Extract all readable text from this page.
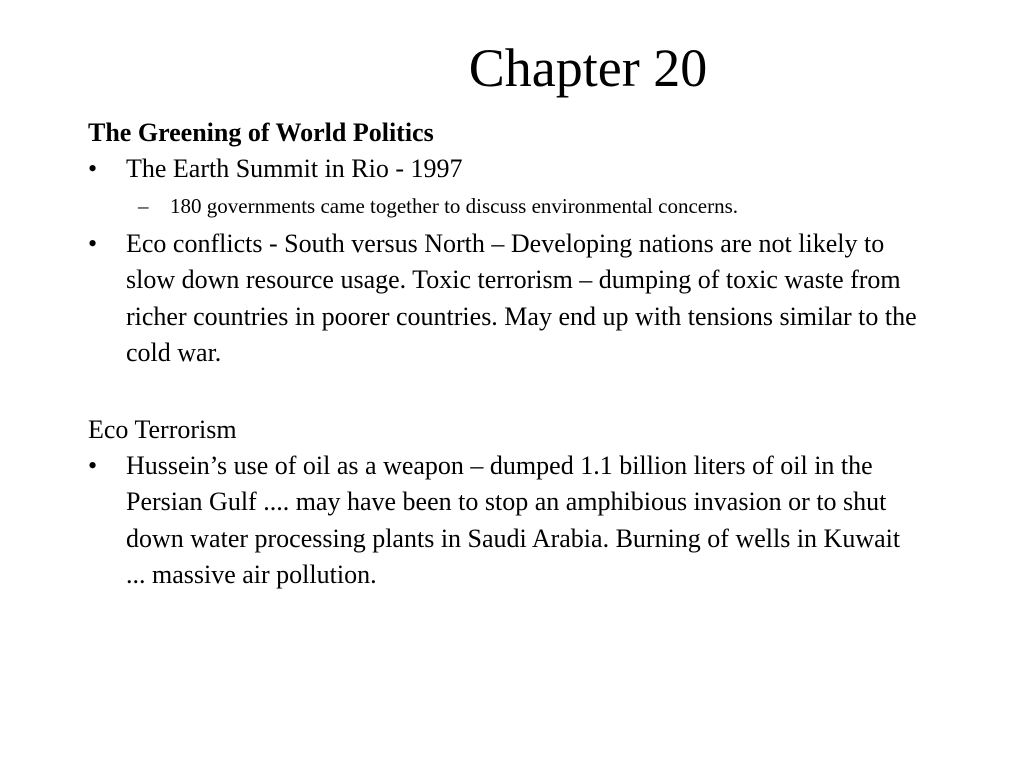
Chapter 20

The Greening of World Politics

• The Earth Summit in Rio - 1997

– 180 governments came together to discuss environmental concerns.

• Eco conflicts - South versus North – Developing nations are not likely to slow down resource usage. Toxic terrorism – dumping of toxic waste from richer countries in poorer countries. May end up with tensions similar to the cold war.

Eco Terrorism

• Hussein’s use of oil as a weapon – dumped 1.1 billion liters of oil in the Persian Gulf .... may have been to stop an amphibious invasion or to shut down water processing plants in Saudi Arabia. Burning of wells in Kuwait ... massive air pollution.
